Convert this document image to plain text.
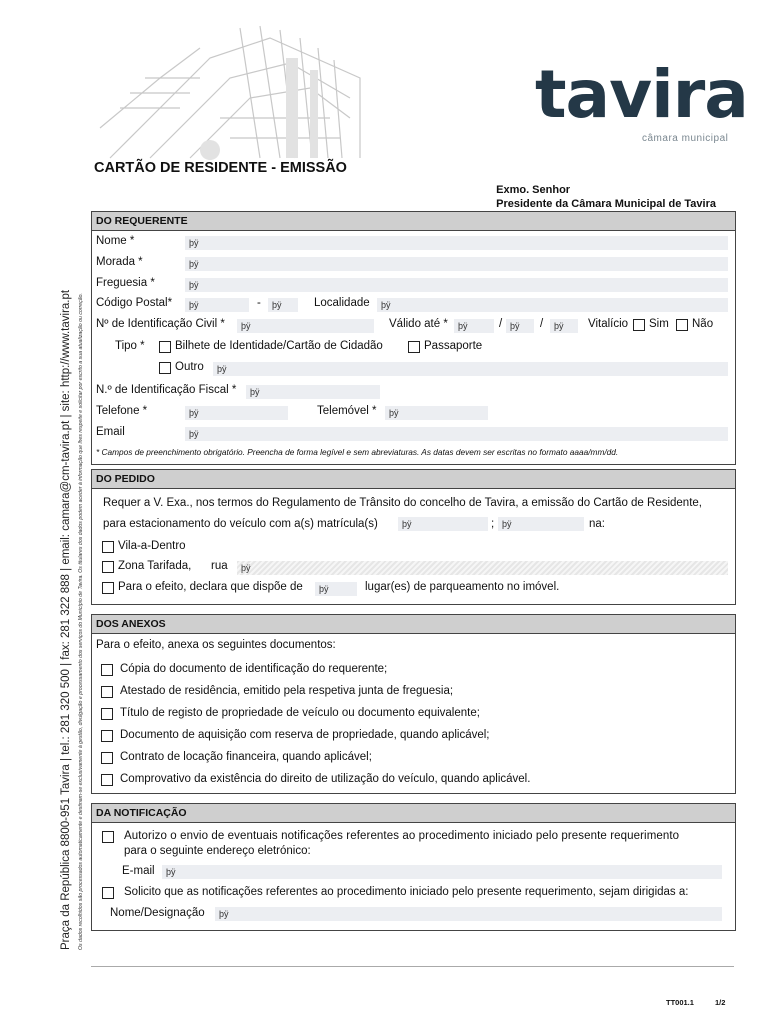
Praça da República 8800-951 Tavira | tel.: 281 320 500 | fax: 281 322 888 | email: camara@cm-tavira.pt | site: http://www.tavira.pt Os dados recolhidos são processados automaticamente e destinam-se exclusivamente à gestão, divulgação e processamento dos serviços do Município de Tavira. Os titulares dos dados podem aceder à informação que lhes respeite e solicitar por escrito a sua atualização ou correção.
tavira
câmara municipal
CARTÃO DE RESIDENTE - EMISSÃO
Exmo. Senhor
Presidente da Câmara Municipal de Tavira
DO REQUERENTE
Nome *	þÿ
Morada *	þÿ
Freguesia *	þÿ
Código Postal*	þÿ	-	þÿ	Localidade	þÿ
Nº de Identificação Civil *	þÿ	Válido até *	þÿ	/ þÿ	/	þÿ	Vitalício Sim Não
Tipo *	Bilhete de Identidade/Cartão de Cidadão	Passaporte
Outro	þÿ
N.º de Identificação Fiscal *	þÿ
Telefone *	þÿ	Telemóvel *	þÿ
Email	þÿ
* Campos de preenchimento obrigatório. Preencha de forma legível e sem abreviaturas. As datas devem ser escritas no formato aaaa/mm/dd.
DO PEDIDO
Requer a V. Exa., nos termos do Regulamento de Trânsito do concelho de Tavira, a emissão do Cartão de Residente,
para estacionamento do veículo com a(s) matrícula(s)	þÿ	; þÿ	na:
Vila-a-Dentro
Zona Tarifada, rua	þÿ
Para o efeito, declara que dispõe de	þÿ	lugar(es) de parqueamento no imóvel.
DOS ANEXOS
Para o efeito, anexa os seguintes documentos:
Cópia do documento de identificação do requerente;
Atestado de residência, emitido pela respetiva junta de freguesia;
Título de registo de propriedade de veículo ou documento equivalente;
Documento de aquisição com reserva de propriedade, quando aplicável;
Contrato de locação financeira, quando aplicável;
Comprovativo da existência do direito de utilização do veículo, quando aplicável.
DA NOTIFICAÇÃO
Autorizo o envio de eventuais notificações referentes ao procedimento iniciado pelo presente requerimento
para o seguinte endereço eletrónico:
E-mail	þÿ
Solicito que as notificações referentes ao procedimento iniciado pelo presente requerimento, sejam dirigidas a:
Nome/Designação	þÿ
TT001.1	1/2
